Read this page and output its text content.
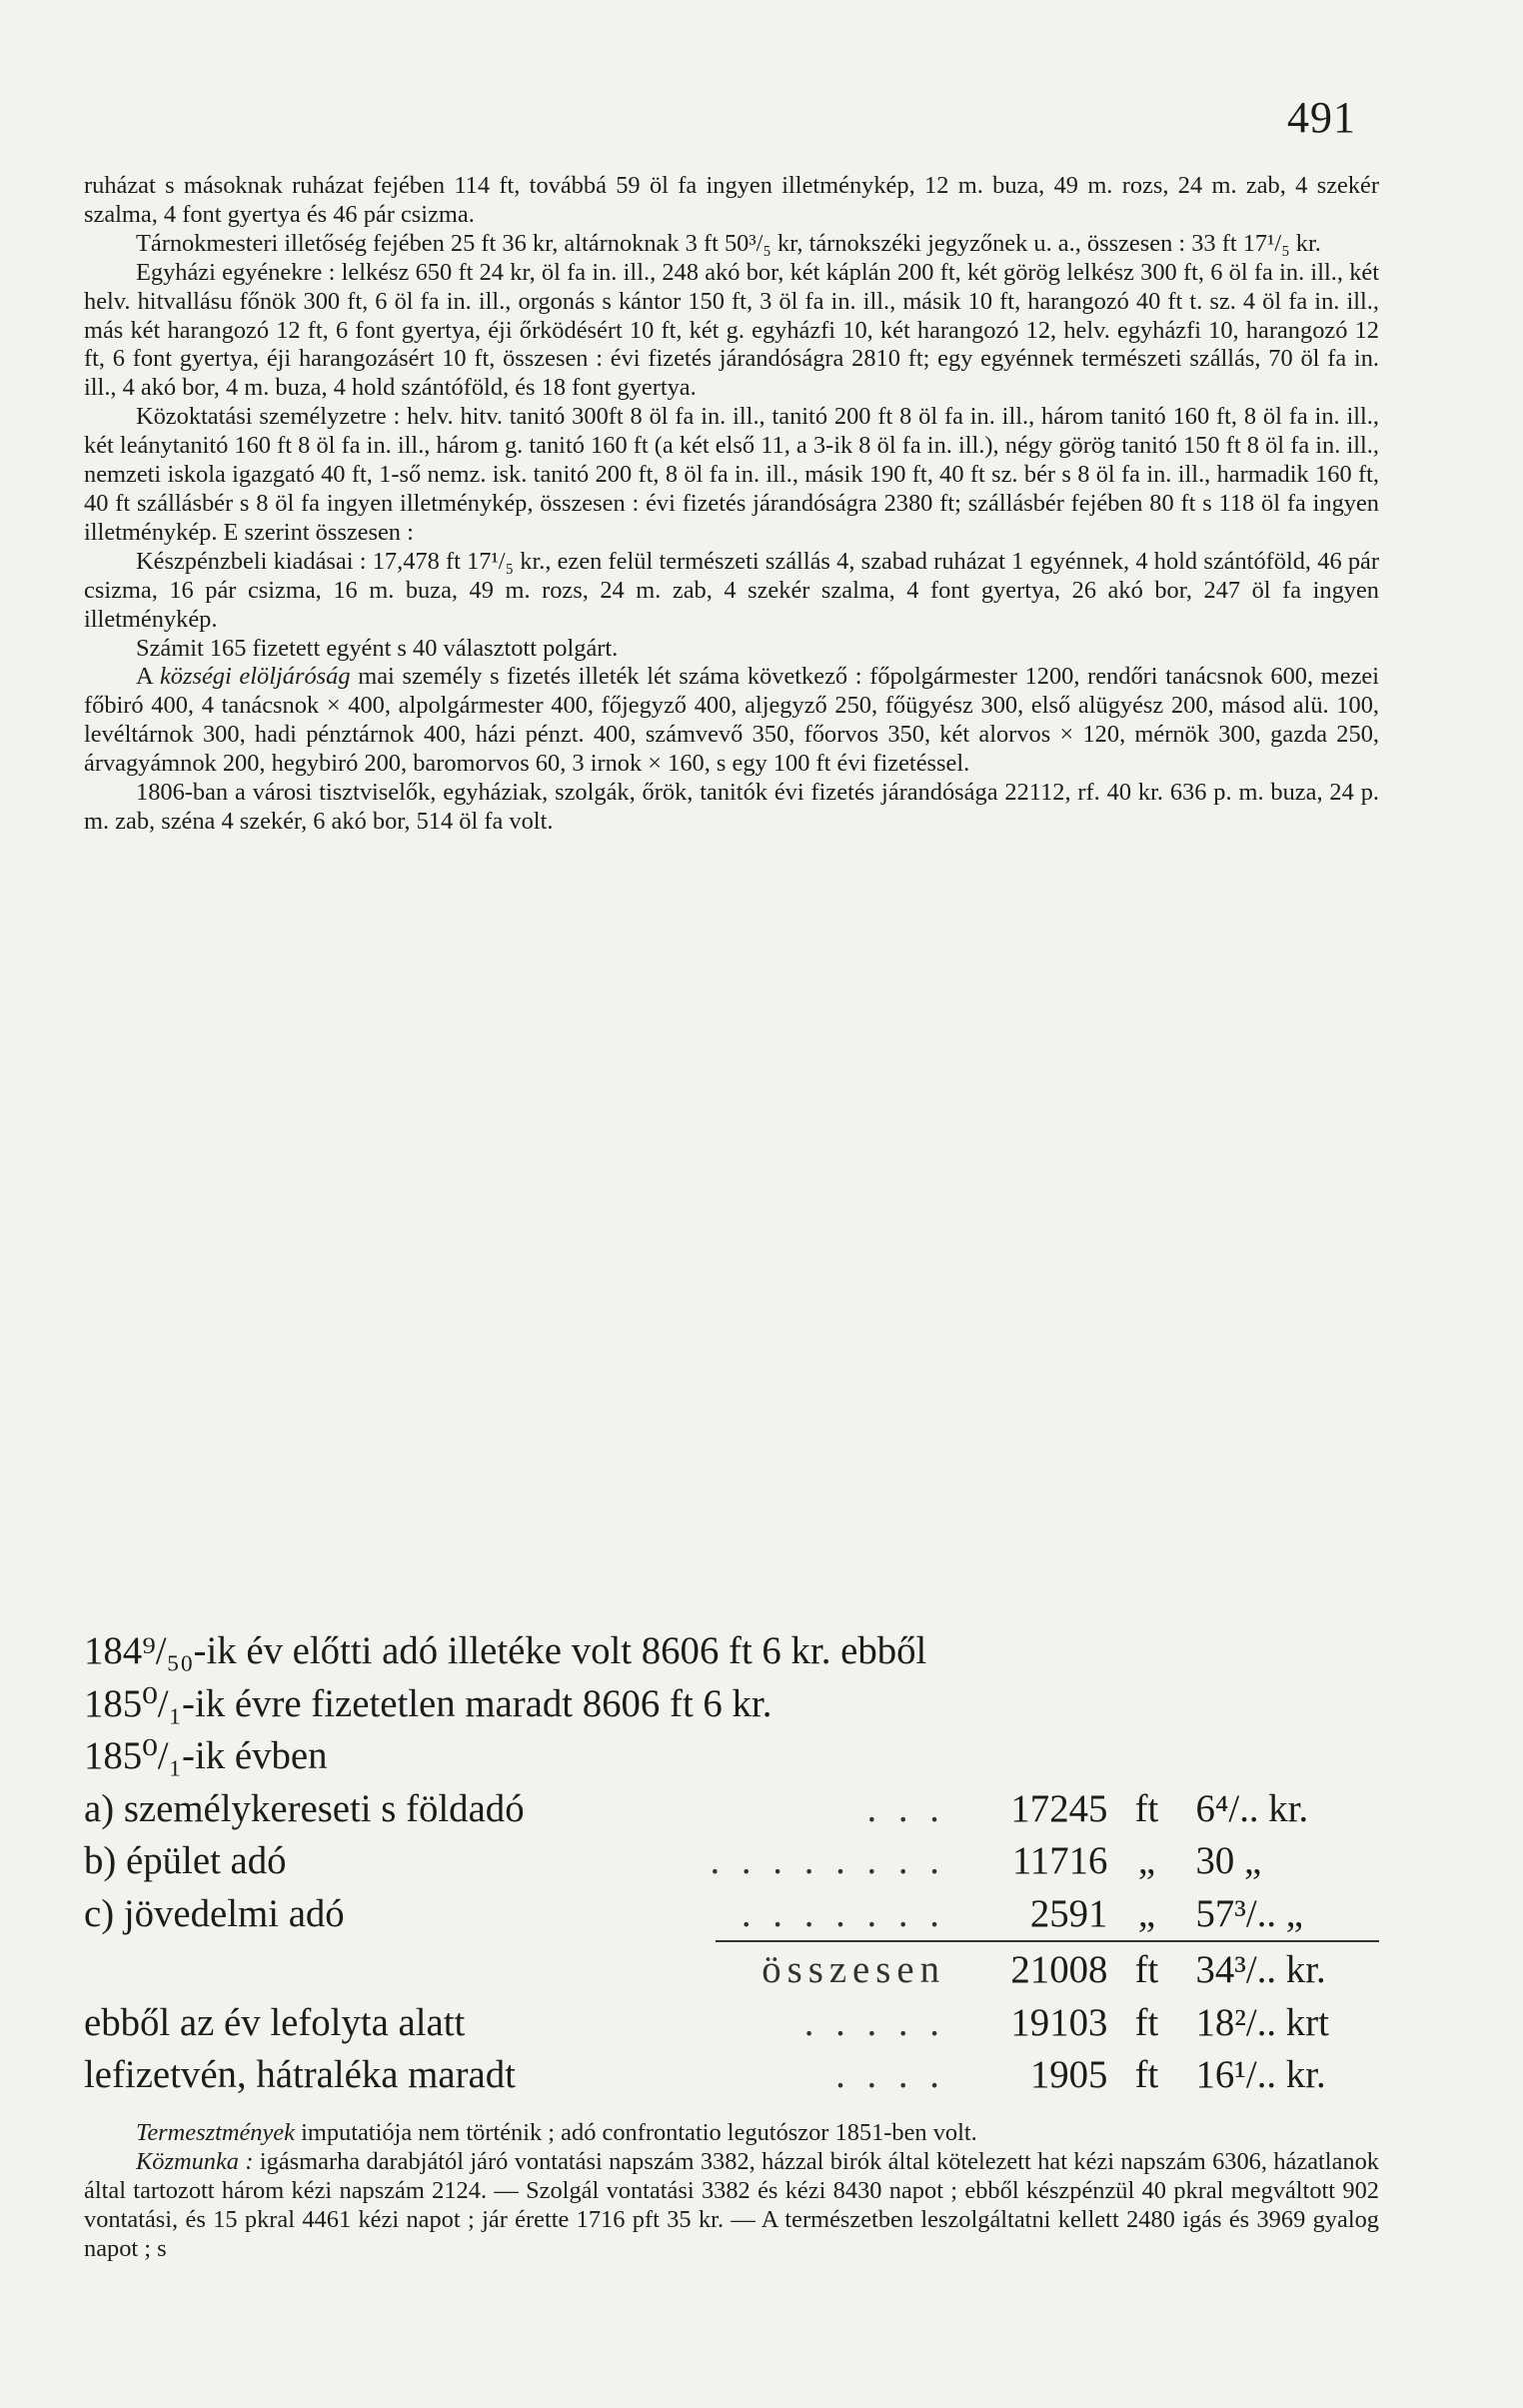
491

ruházat s másoknak ruházat fejében 114 ft, továbbá 59 öl fa ingyen illetménykép, 12 m. buza, 49 m. rozs, 24 m. zab, 4 szekér szalma, 4 font gyertya és 46 pár csizma.

Tárnokmesteri illetőség fejében 25 ft 36 kr, altárnoknak 3 ft 50³/₅ kr, tárnokszéki jegyzőnek u. a., összesen : 33 ft 17¹/₅ kr.

Egyházi egyénekre : lelkész 650 ft 24 kr, öl fa in. ill., 248 akó bor, két káplán 200 ft, két görög lelkész 300 ft, 6 öl fa in. ill., két helv. hitvallásu főnök 300 ft, 6 öl fa in. ill., orgonás s kántor 150 ft, 3 öl fa in. ill., másik 10 ft, harangozó 40 ft t. sz. 4 öl fa in. ill., más két harangozó 12 ft, 6 font gyertya, éji őrködésért 10 ft, két g. egyházfi 10, két harangozó 12, helv. egyházfi 10, harangozó 12 ft, 6 font gyertya, éji harangozásért 10 ft, összesen : évi fizetés járandóságra 2810 ft; egy egyénnek természeti szállás, 70 öl fa in. ill., 4 akó bor, 4 m. buza, 4 hold szántóföld, és 18 font gyertya.

Közoktatási személyzetre : helv. hitv. tanitó 300ft 8 öl fa in. ill., tanitó 200 ft 8 öl fa in. ill., három tanitó 160 ft, 8 öl fa in. ill., két leánytanitó 160 ft 8 öl fa in. ill., három g. tanitó 160 ft (a két első 11, a 3-ik 8 öl fa in. ill.), négy görög tanitó 150 ft 8 öl fa in. ill., nemzeti iskola igazgató 40 ft, 1-ső nemz. isk. tanitó 200 ft, 8 öl fa in. ill., másik 190 ft, 40 ft sz. bér s 8 öl fa in. ill., harmadik 160 ft, 40 ft szállásbér s 8 öl fa ingyen illetménykép, összesen : évi fizetés járandóságra 2380 ft; szállásbér fejében 80 ft s 118 öl fa ingyen illetménykép. E szerint összesen :

Készpénzbeli kiadásai : 17,478 ft 17¹/₅ kr., ezen felül természeti szállás 4, szabad ruházat 1 egyénnek, 4 hold szántóföld, 46 pár csizma, 16 pár csizma, 16 m. buza, 49 m. rozs, 24 m. zab, 4 szekér szalma, 4 font gyertya, 26 akó bor, 247 öl fa ingyen illetménykép.

Számit 165 fizetett egyént s 40 választott polgárt.

A községi elöljáróság mai személy s fizetés illeték lét száma következő : főpolgármester 1200, rendőri tanácsnok 600, mezei főbiró 400, 4 tanácsnok × 400, alpolgármester 400, főjegyző 400, aljegyző 250, főügyész 300, első alügyész 200, másod alü. 100, levéltárnok 300, hadi pénztárnok 400, házi pénzt. 400, számvevő 350, főorvos 350, két alorvos × 120, mérnök 300, gazda 250, árvagyámnok 200, hegybiró 200, baromorvos 60, 3 irnok × 160, s egy 100 ft évi fizetéssel.

1806-ban a városi tisztviselők, egyháziak, szolgák, őrök, tanitók évi fizetés járandósága 22112, rf. 40 kr. 636 p. m. buza, 24 p. m. zab, széna 4 szekér, 6 akó bor, 514 öl fa volt.

184⁹/₅₀-ik év előtti adó illetéke volt 8606 ft 6 kr. ebből
185⁰/₁-ik évre fizetetlen maradt 8606 ft 6 kr.
185⁰/₁-ik évben
a) személykereseti s földadó	. . .	17245 ft 6⁴/.. kr.
b) épület adó	. . . . . . . .	11716 „	30 „
c) jövedelmi adó	. . . . . . .	2591 „	57³/.. „
összesen	21008 ft 34³/.. kr.
ebből az év lefolyta alatt	. . . . .	19103 ft 18²/.. krt
lefizetvén, hátraléka maradt	. . . .	1905 ft 16¹/.. kr.

Termesztmények imputatiója nem történik ; adó confrontatio legutószor 1851-ben volt.

Közmunka : igásmarha darabjától járó vontatási napszám 3382, házzal birók által kötelezett hat kézi napszám 6306, házatlanok által tartozott három kézi napszám 2124. — Szolgál vontatási 3382 és kézi 8430 napot ; ebből készpénzül 40 pkral megváltott 902 vontatási, és 15 pkral 4461 kézi napot ; jár érette 1716 pft 35 kr. — A természetben leszolgáltatni kellett 2480 igás és 3969 gyalog napot ; s
